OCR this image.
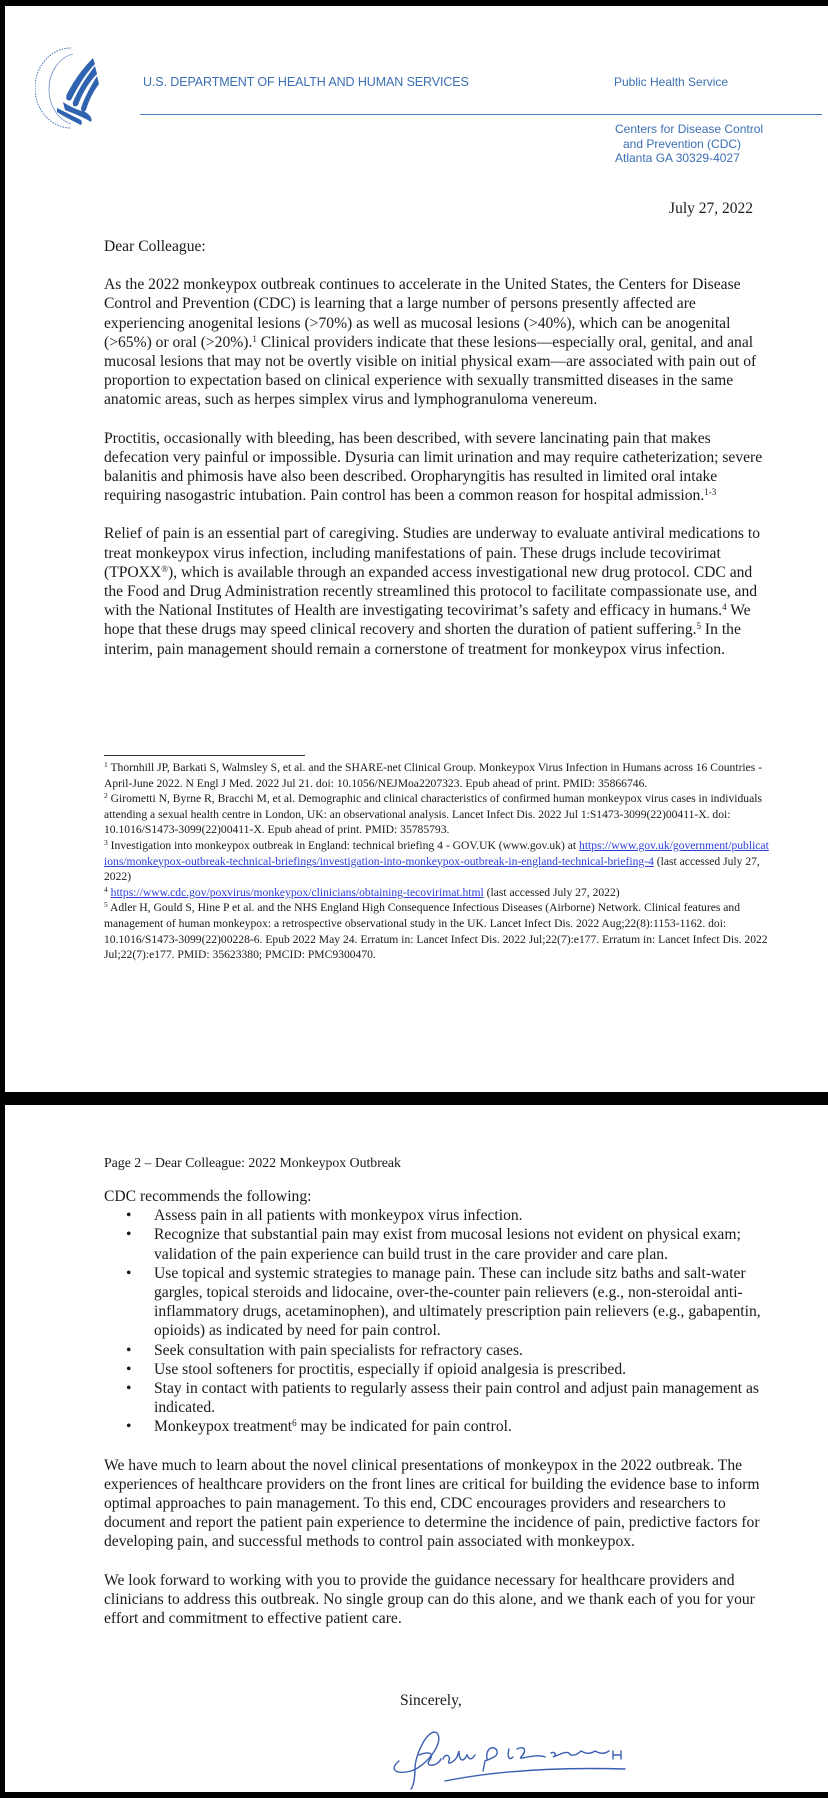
U.S. DEPARTMENT OF HEALTH AND HUMAN SERVICES	Public Health Service
Centers for Disease Control
and Prevention (CDC)
Atlanta GA 30329-4027
July 27, 2022

Dear Colleague:

As the 2022 monkeypox outbreak continues to accelerate in the United States, the Centers for Disease Control and Prevention (CDC) is learning that a large number of persons presently affected are experiencing anogenital lesions (>70%) as well as mucosal lesions (>40%), which can be anogenital (>65%) or oral (>20%).$^1$ Clinical providers indicate that these lesions—especially oral, genital, and anal mucosal lesions that may not be overtly visible on initial physical exam—are associated with pain out of proportion to expectation based on clinical experience with sexually transmitted diseases in the same anatomic areas, such as herpes simplex virus and lymphogranuloma venereum.

Proctitis, occasionally with bleeding, has been described, with severe lancinating pain that makes defecation very painful or impossible. Dysuria can limit urination and may require catheterization; severe balanitis and phimosis have also been described. Oropharyngitis has resulted in limited oral intake requiring nasogastric intubation. Pain control has been a common reason for hospital admission.$^{1-3}$

Relief of pain is an essential part of caregiving. Studies are underway to evaluate antiviral medications to treat monkeypox virus infection, including manifestations of pain. These drugs include tecovirimat (TPOXX®), which is available through an expanded access investigational new drug protocol. CDC and the Food and Drug Administration recently streamlined this protocol to facilitate compassionate use, and with the National Institutes of Health are investigating tecovirimat’s safety and efficacy in humans.$^4$ We hope that these drugs may speed clinical recovery and shorten the duration of patient suffering.$^5$ In the interim, pain management should remain a cornerstone of treatment for monkeypox virus infection.

$^1$ Thornhill JP, Barkati S, Walmsley S, et al. and the SHARE-net Clinical Group. Monkeypox Virus Infection in Humans across 16 Countries - April-June 2022. N Engl J Med. 2022 Jul 21. doi: 10.1056/NEJMoa2207323. Epub ahead of print. PMID: 35866746.

$^2$ Girometti N, Byrne R, Bracchi M, et al. Demographic and clinical characteristics of confirmed human monkeypox virus cases in individuals attending a sexual health centre in London, UK: an observational analysis. Lancet Infect Dis. 2022 Jul 1:S1473-3099(22)00411-X. doi: 10.1016/S1473-3099(22)00411-X. Epub ahead of print. PMID: 35785793.

$^3$ Investigation into monkeypox outbreak in England: technical briefing 4 - GOV.UK (www.gov.uk) at https://www.gov.uk/government/publications/monkeypox-outbreak-technical-briefings/investigation-into-monkeypox-outbreak-in-england-technical-briefing-4 (last accessed July 27, 2022)

$^4$ https://www.cdc.gov/poxvirus/monkeypox/clinicians/obtaining-tecovirimat.html (last accessed July 27, 2022)

$^5$ Adler H, Gould S, Hine P et al. and the NHS England High Consequence Infectious Diseases (Airborne) Network. Clinical features and management of human monkeypox: a retrospective observational study in the UK. Lancet Infect Dis. 2022 Aug;22(8):1153-1162. doi: 10.1016/S1473-3099(22)00228-6. Epub 2022 May 24. Erratum in: Lancet Infect Dis. 2022 Jul;22(7):e177. Erratum in: Lancet Infect Dis. 2022 Jul;22(7):e177. PMID: 35623380; PMCID: PMC9300470.

Page 2 – Dear Colleague: 2022 Monkeypox Outbreak
CDC recommends the following:
• Assess pain in all patients with monkeypox virus infection.
• Recognize that substantial pain may exist from mucosal lesions not evident on physical exam; validation of the pain experience can build trust in the care provider and care plan.
• Use topical and systemic strategies to manage pain. These can include sitz baths and salt-water gargles, topical steroids and lidocaine, over-the-counter pain relievers (e.g., non-steroidal anti-inflammatory drugs, acetaminophen), and ultimately prescription pain relievers (e.g., gabapentin, opioids) as indicated by need for pain control.
• Seek consultation with pain specialists for refractory cases.
• Use stool softeners for proctitis, especially if opioid analgesia is prescribed.
• Stay in contact with patients to regularly assess their pain control and adjust pain management as indicated.
• Monkeypox treatment$^6$ may be indicated for pain control.

We have much to learn about the novel clinical presentations of monkeypox in the 2022 outbreak. The experiences of healthcare providers on the front lines are critical for building the evidence base to inform optimal approaches to pain management. To this end, CDC encourages providers and researchers to document and report the patient pain experience to determine the incidence of pain, predictive factors for developing pain, and successful methods to control pain associated with monkeypox.

We look forward to working with you to provide the guidance necessary for healthcare providers and clinicians to address this outbreak. No single group can do this alone, and we thank each of you for your effort and commitment to effective patient care.

Sincerely,
